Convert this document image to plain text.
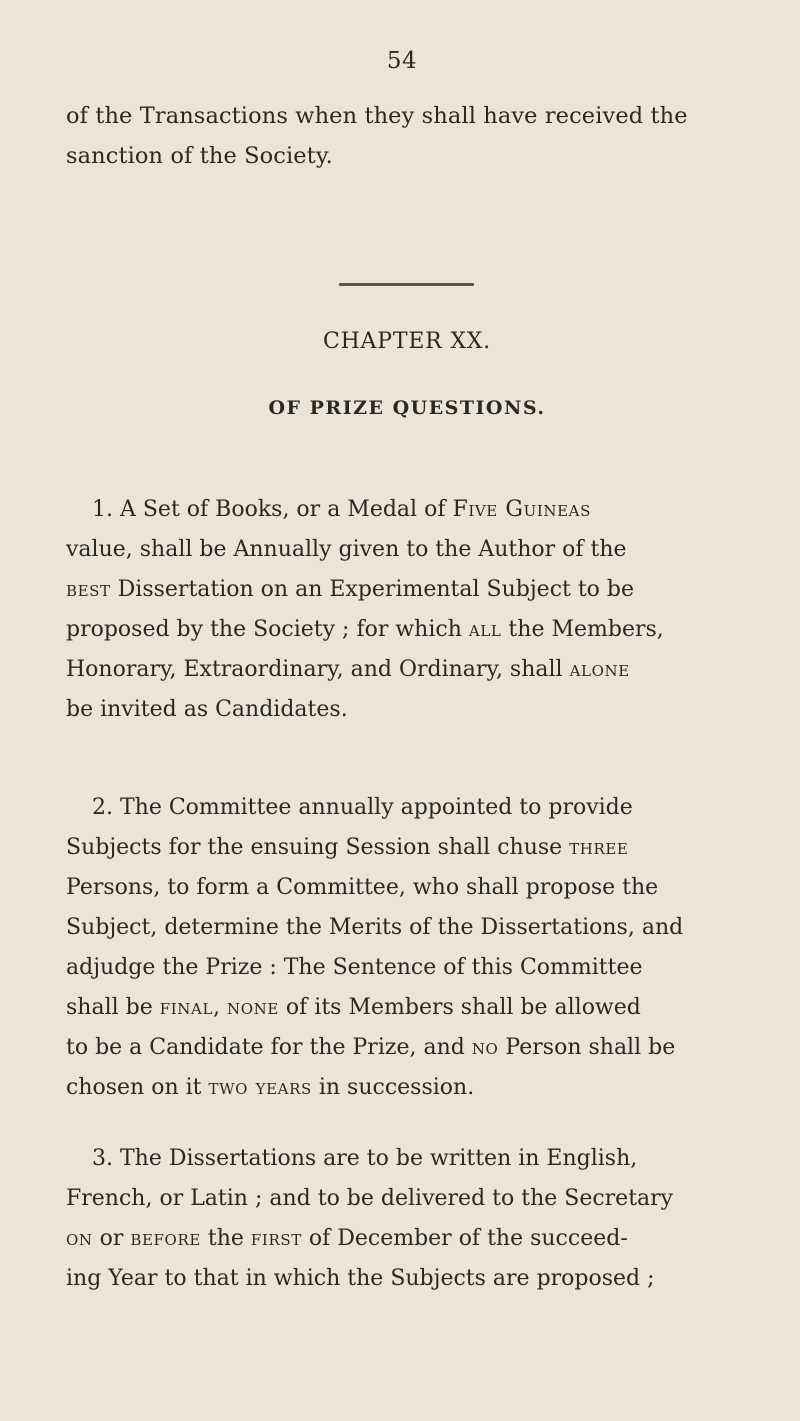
54
of the Transactions when they shall have received the
sanction of the Society.
CHAPTER XX.
OF PRIZE QUESTIONS.
1. A Set of Books, or a Medal of Five Guineas
value, shall be Annually given to the Author of the
best Dissertation on an Experimental Subject to be
proposed by the Society ; for which all the Members,
Honorary, Extraordinary, and Ordinary, shall alone
be invited as Candidates.
2. The Committee annually appointed to provide
Subjects for the ensuing Session shall chuse three
Persons, to form a Committee, who shall propose the
Subject, determine the Merits of the Dissertations, and
adjudge the Prize : The Sentence of this Committee
shall be final, none of its Members shall be allowed
to be a Candidate for the Prize, and no Person shall be
chosen on it two years in succession.
3. The Dissertations are to be written in English,
French, or Latin ; and to be delivered to the Secretary
on or before the first of December of the succeed-
ing Year to that in which the Subjects are proposed ;
